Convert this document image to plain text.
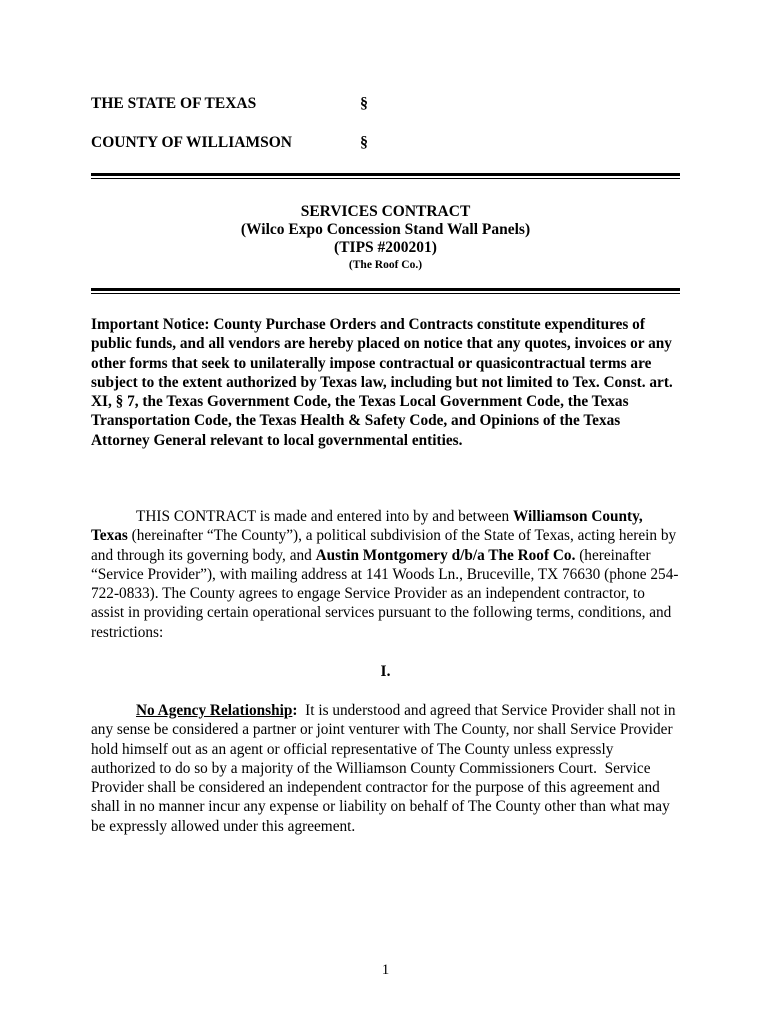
THE STATE OF TEXAS	§
COUNTY OF WILLIAMSON	§
SERVICES CONTRACT
(Wilco Expo Concession Stand Wall Panels)
(TIPS #200201)
(The Roof Co.)
Important Notice: County Purchase Orders and Contracts constitute expenditures of public funds, and all vendors are hereby placed on notice that any quotes, invoices or any other forms that seek to unilaterally impose contractual or quasicontractual terms are subject to the extent authorized by Texas law, including but not limited to Tex. Const. art. XI, § 7, the Texas Government Code, the Texas Local Government Code, the Texas Transportation Code, the Texas Health & Safety Code, and Opinions of the Texas Attorney General relevant to local governmental entities.
THIS CONTRACT is made and entered into by and between Williamson County, Texas (hereinafter “The County”), a political subdivision of the State of Texas, acting herein by and through its governing body, and Austin Montgomery d/b/a The Roof Co. (hereinafter “Service Provider”), with mailing address at 141 Woods Ln., Bruceville, TX 76630 (phone 254-722-0833). The County agrees to engage Service Provider as an independent contractor, to assist in providing certain operational services pursuant to the following terms, conditions, and restrictions:
I.
No Agency Relationship:  It is understood and agreed that Service Provider shall not in any sense be considered a partner or joint venturer with The County, nor shall Service Provider hold himself out as an agent or official representative of The County unless expressly authorized to do so by a majority of the Williamson County Commissioners Court.  Service Provider shall be considered an independent contractor for the purpose of this agreement and shall in no manner incur any expense or liability on behalf of The County other than what may be expressly allowed under this agreement.
1
